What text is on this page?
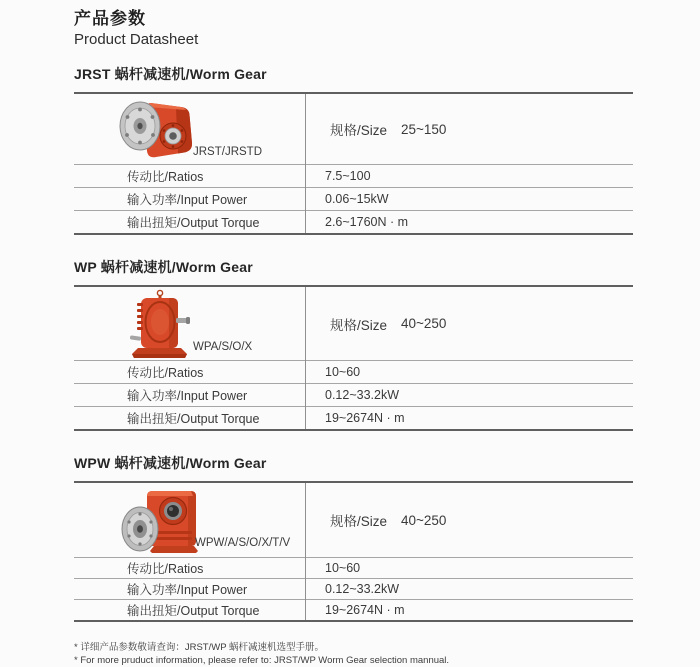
产品参数
Product Datasheet
JRST 蜗杆减速机/Worm Gear
JRST/JRSTD
规格/Size 25~150
传动比/Ratios	7.5~100
输入功率/Input Power	0.06~15kW
输出扭矩/Output Torque	2.6~1760N · m
WP 蜗杆减速机/Worm Gear
WPA/S/O/X
规格/Size 40~250
传动比/Ratios	10~60
输入功率/Input Power	0.12~33.2kW
输出扭矩/Output Torque	19~2674N · m
WPW 蜗杆减速机/Worm Gear
WPW/A/S/O/X/T/V
规格/Size 40~250
传动比/Ratios	10~60
输入功率/Input Power	0.12~33.2kW
输出扭矩/Output Torque	19~2674N · m
* 详细产品参数敬请查询：JRST/WP 蜗杆减速机选型手册。
* For more pruduct information, please refer to: JRST/WP Worm Gear selection mannual.
